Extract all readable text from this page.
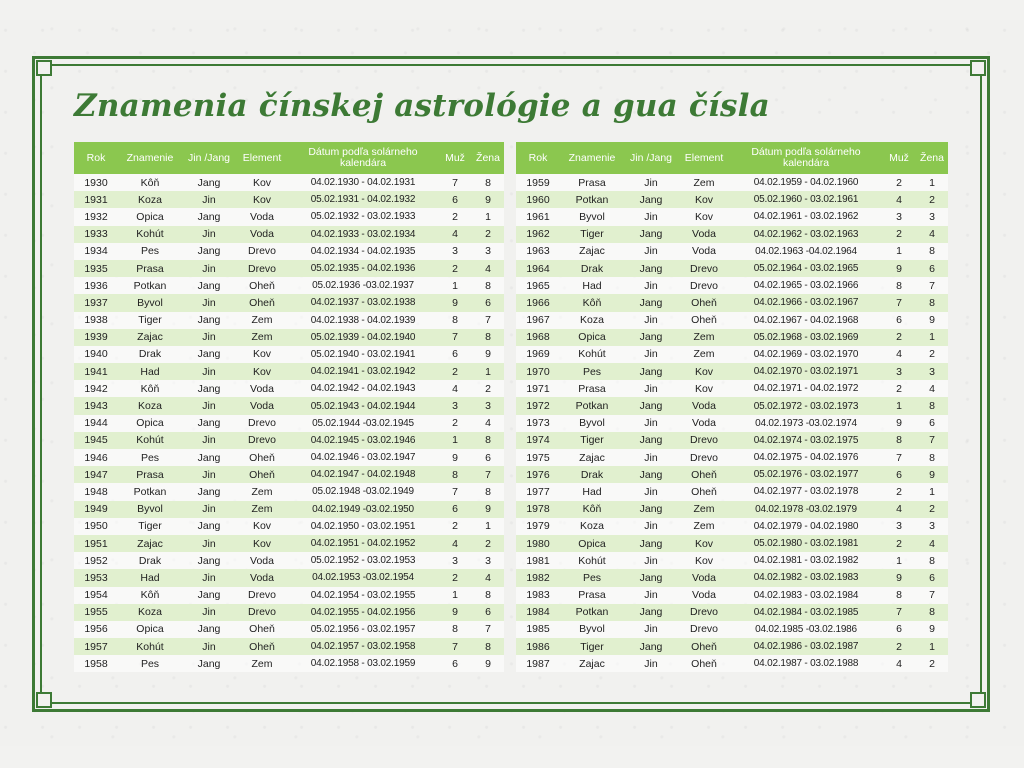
Znamenia čínskej astrológie a gua čísla
Rok	Znamenie	Jin /Jang	Element	Dátum podľa solárneho kalendára	Muž	Žena
1930	Kôň	Jang	Kov	04.02.1930 - 04.02.1931	7	8
1931	Koza	Jin	Kov	05.02.1931 - 04.02.1932	6	9
1932	Opica	Jang	Voda	05.02.1932 - 03.02.1933	2	1
1933	Kohút	Jin	Voda	04.02.1933 - 03.02.1934	4	2
1934	Pes	Jang	Drevo	04.02.1934 - 04.02.1935	3	3
1935	Prasa	Jin	Drevo	05.02.1935 - 04.02.1936	2	4
1936	Potkan	Jang	Oheň	05.02.1936 -03.02.1937	1	8
1937	Byvol	Jin	Oheň	04.02.1937 - 03.02.1938	9	6
1938	Tiger	Jang	Zem	04.02.1938 - 04.02.1939	8	7
1939	Zajac	Jin	Zem	05.02.1939 - 04.02.1940	7	8
1940	Drak	Jang	Kov	05.02.1940 - 03.02.1941	6	9
1941	Had	Jin	Kov	04.02.1941 - 03.02.1942	2	1
1942	Kôň	Jang	Voda	04.02.1942 - 04.02.1943	4	2
1943	Koza	Jin	Voda	05.02.1943 - 04.02.1944	3	3
1944	Opica	Jang	Drevo	05.02.1944 -03.02.1945	2	4
1945	Kohút	Jin	Drevo	04.02.1945 - 03.02.1946	1	8
1946	Pes	Jang	Oheň	04.02.1946 - 03.02.1947	9	6
1947	Prasa	Jin	Oheň	04.02.1947 - 04.02.1948	8	7
1948	Potkan	Jang	Zem	05.02.1948 -03.02.1949	7	8
1949	Byvol	Jin	Zem	04.02.1949 -03.02.1950	6	9
1950	Tiger	Jang	Kov	04.02.1950 - 03.02.1951	2	1
1951	Zajac	Jin	Kov	04.02.1951 - 04.02.1952	4	2
1952	Drak	Jang	Voda	05.02.1952 - 03.02.1953	3	3
1953	Had	Jin	Voda	04.02.1953 -03.02.1954	2	4
1954	Kôň	Jang	Drevo	04.02.1954 - 03.02.1955	1	8
1955	Koza	Jin	Drevo	04.02.1955 - 04.02.1956	9	6
1956	Opica	Jang	Oheň	05.02.1956 - 03.02.1957	8	7
1957	Kohút	Jin	Oheň	04.02.1957 - 03.02.1958	7	8
1958	Pes	Jang	Zem	04.02.1958 - 03.02.1959	6	9
Rok	Znamenie	Jin /Jang	Element	Dátum podľa solárneho kalendára	Muž	Žena
1959	Prasa	Jin	Zem	04.02.1959 - 04.02.1960	2	1
1960	Potkan	Jang	Kov	05.02.1960 - 03.02.1961	4	2
1961	Byvol	Jin	Kov	04.02.1961 - 03.02.1962	3	3
1962	Tiger	Jang	Voda	04.02.1962 - 03.02.1963	2	4
1963	Zajac	Jin	Voda	04.02.1963 -04.02.1964	1	8
1964	Drak	Jang	Drevo	05.02.1964 - 03.02.1965	9	6
1965	Had	Jin	Drevo	04.02.1965 - 03.02.1966	8	7
1966	Kôň	Jang	Oheň	04.02.1966 - 03.02.1967	7	8
1967	Koza	Jin	Oheň	04.02.1967 - 04.02.1968	6	9
1968	Opica	Jang	Zem	05.02.1968 - 03.02.1969	2	1
1969	Kohút	Jin	Zem	04.02.1969 - 03.02.1970	4	2
1970	Pes	Jang	Kov	04.02.1970 - 03.02.1971	3	3
1971	Prasa	Jin	Kov	04.02.1971 - 04.02.1972	2	4
1972	Potkan	Jang	Voda	05.02.1972 - 03.02.1973	1	8
1973	Byvol	Jin	Voda	04.02.1973 -03.02.1974	9	6
1974	Tiger	Jang	Drevo	04.02.1974 - 03.02.1975	8	7
1975	Zajac	Jin	Drevo	04.02.1975 - 04.02.1976	7	8
1976	Drak	Jang	Oheň	05.02.1976 - 03.02.1977	6	9
1977	Had	Jin	Oheň	04.02.1977 - 03.02.1978	2	1
1978	Kôň	Jang	Zem	04.02.1978 -03.02.1979	4	2
1979	Koza	Jin	Zem	04.02.1979 - 04.02.1980	3	3
1980	Opica	Jang	Kov	05.02.1980 - 03.02.1981	2	4
1981	Kohút	Jin	Kov	04.02.1981 - 03.02.1982	1	8
1982	Pes	Jang	Voda	04.02.1982 - 03.02.1983	9	6
1983	Prasa	Jin	Voda	04.02.1983 - 03.02.1984	8	7
1984	Potkan	Jang	Drevo	04.02.1984 - 03.02.1985	7	8
1985	Byvol	Jin	Drevo	04.02.1985 -03.02.1986	6	9
1986	Tiger	Jang	Oheň	04.02.1986 - 03.02.1987	2	1
1987	Zajac	Jin	Oheň	04.02.1987 - 03.02.1988	4	2
